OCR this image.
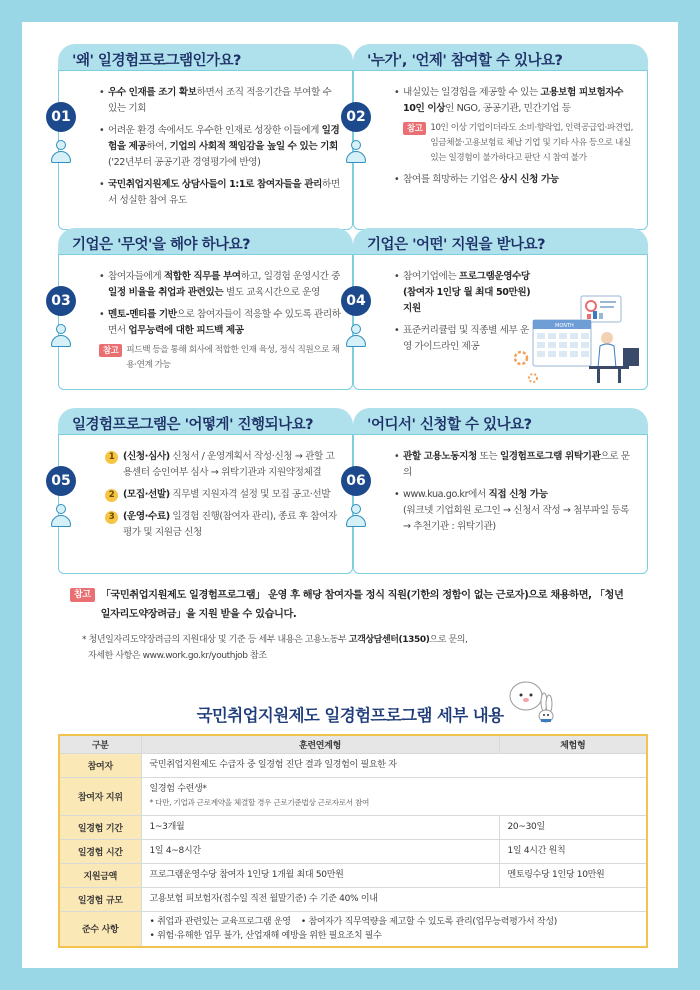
'왜' 일경험프로그램인가요?
• 우수 인재를 조기 확보하면서 조직 적응기간을 부여할 수 있는 기회
• 어려운 환경 속에서도 우수한 인재로 성장한 이들에게 일경험을 제공하여, 기업의 사회적 책임감을 높일 수 있는 기회('22년부터 공공기관 경영평가에 반영)
• 국민취업지원제도 상담사들이 1:1로 참여자들을 관리하면서 성실한 참여 유도
01
'누가', '언제' 참여할 수 있나요?
• 내실있는 일경험을 제공할 수 있는 고용보험 피보험자수 10인 이상인 NGO, 공공기관, 민간기업 등
참고 10인 이상 기업이더라도 소비·향락업, 인력공급업·파견업, 임금체불·고용보험료 체납 기업 및 기타 사유 등으로 내실있는 일경험이 불가하다고 판단 시 참여 불가
• 참여를 희망하는 기업은 상시 신청 가능
02
기업은 '무엇'을 해야 하나요?
• 참여자들에게 적합한 직무를 부여하고, 일경험 운영시간 중 일정 비율을 취업과 관련있는 별도 교육시간으로 운영
• 멘토-멘티를 기반으로 참여자들이 적응할 수 있도록 관리하면서 업무능력에 대한 피드백 제공
참고 피드백 등을 통해 회사에 적합한 인재 육성, 정식 직원으로 채용·연계 가능
03
기업은 '어떤' 지원을 받나요?
• 참여기업에는 프로그램운영수당 (참여자 1인당 월 최대 50만원) 지원
• 표준커리큘럼 및 직종별 세부 운영 가이드라인 제공
04
MONTH
일경험프로그램은 '어떻게' 진행되나요?
1 (신청·심사) 신청서 / 운영계획서 작성·신청 → 관할 고용센터 승인여부 심사 → 위탁기관과 지원약정체결
2 (모집·선발) 직무별 지원자격 설정 및 모집 공고·선발
3 (운영·수료) 일경험 진행(참여자 관리), 종료 후 참여자 평가 및 지원금 신청
05
'어디서' 신청할 수 있나요?
• 관할 고용노동지청 또는 일경험프로그램 위탁기관으로 문의
• www.kua.go.kr에서 직접 신청 가능
(워크넷 기업회원 로그인 → 신청서 작성 → 첨부파일 등록 → 추천기관 : 위탁기관)
06
참고 「국민취업지원제도 일경험프로그램」 운영 후 해당 참여자를 정식 직원(기한의 정함이 없는 근로자)으로 채용하면, 「청년일자리도약장려금」을 지원 받을 수 있습니다.
* 청년일자리도약장려금의 지원대상 및 기준 등 세부 내용은 고용노동부 고객상담센터(1350)으로 문의,
자세한 사항은 www.work.go.kr/youthjob 참조
국민취업지원제도 일경험프로그램 세부 내용
구분	훈련연계형	체험형
참여자	국민취업지원제도 수급자 중 일경험 진단 결과 일경험이 필요한 자	
참여자 지위	일경험 수련생*
* 다만, 기업과 근로계약을 체결할 경우 근로기준법상 근로자로서 참여	

일경험 기간	1~3개월	20~30일
일경험 시간	1일 4~8시간	1일 4시간 원칙
지원금액	프로그램운영수당 참여자 1인당 1개월 최대 50만원	멘토링수당 1인당 10만원
일경험 규모	고용보험 피보험자(접수일 직전 월말기준) 수 기준 40% 이내	
준수 사항	• 취업과 관련있는 교육프로그램 운영 • 참여자가 직무역량을 제고할 수 있도록 관리(업무능력평가서 작성)
• 위험·유해한 업무 불가, 산업재해 예방을 위한 필요조치 필수	
